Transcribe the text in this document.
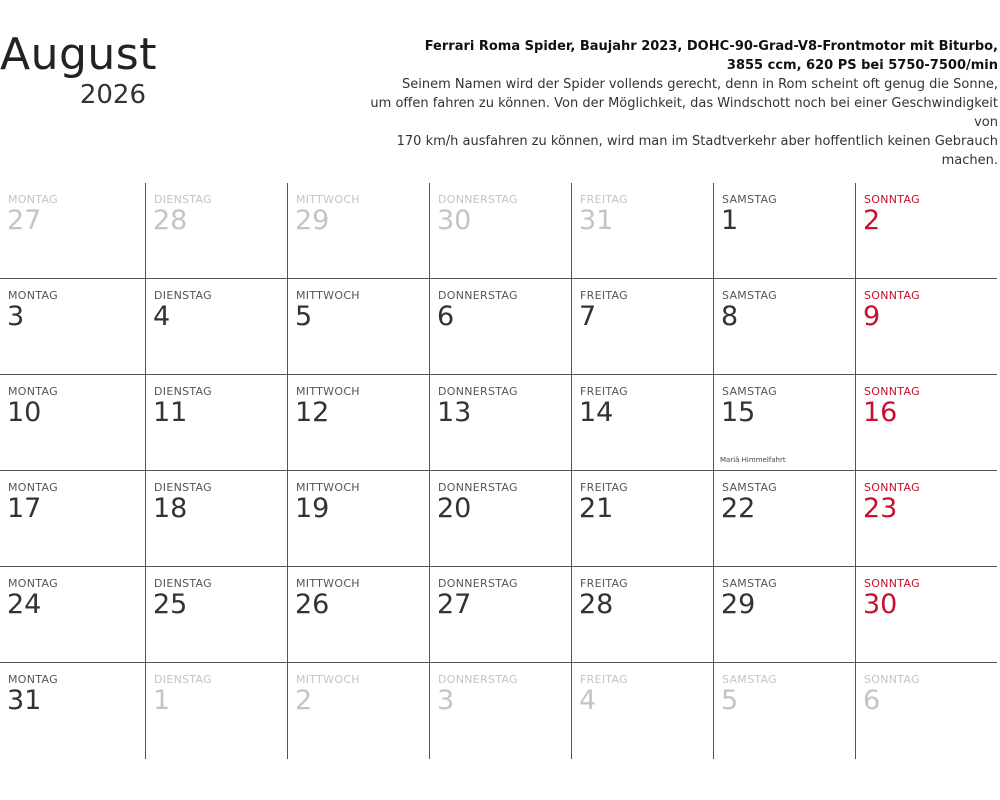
August
2026
Ferrari Roma Spider, Baujahr 2023, DOHC-90-Grad-V8-Frontmotor mit Biturbo,
3855 ccm, 620 PS bei 5750-7500/min
Seinem Namen wird der Spider vollends gerecht, denn in Rom scheint oft genug die Sonne,
um offen fahren zu können. Von der Möglichkeit, das Windschott noch bei einer Geschwindigkeit von
170 km/h ausfahren zu können, wird man im Stadtverkehr aber hoffentlich keinen Gebrauch machen.
MONTAG
27
DIENSTAG
28
MITTWOCH
29
DONNERSTAG
30
FREITAG
31
SAMSTAG
1
SONNTAG
2
MONTAG
3
DIENSTAG
4
MITTWOCH
5
DONNERSTAG
6
FREITAG
7
SAMSTAG
8
SONNTAG
9
MONTAG
10
DIENSTAG
11
MITTWOCH
12
DONNERSTAG
13
FREITAG
14
SAMSTAG
15
Mariä Himmelfahrt
SONNTAG
16
MONTAG
17
DIENSTAG
18
MITTWOCH
19
DONNERSTAG
20
FREITAG
21
SAMSTAG
22
SONNTAG
23
MONTAG
24
DIENSTAG
25
MITTWOCH
26
DONNERSTAG
27
FREITAG
28
SAMSTAG
29
SONNTAG
30
MONTAG
31
DIENSTAG
1
MITTWOCH
2
DONNERSTAG
3
FREITAG
4
SAMSTAG
5
SONNTAG
6
